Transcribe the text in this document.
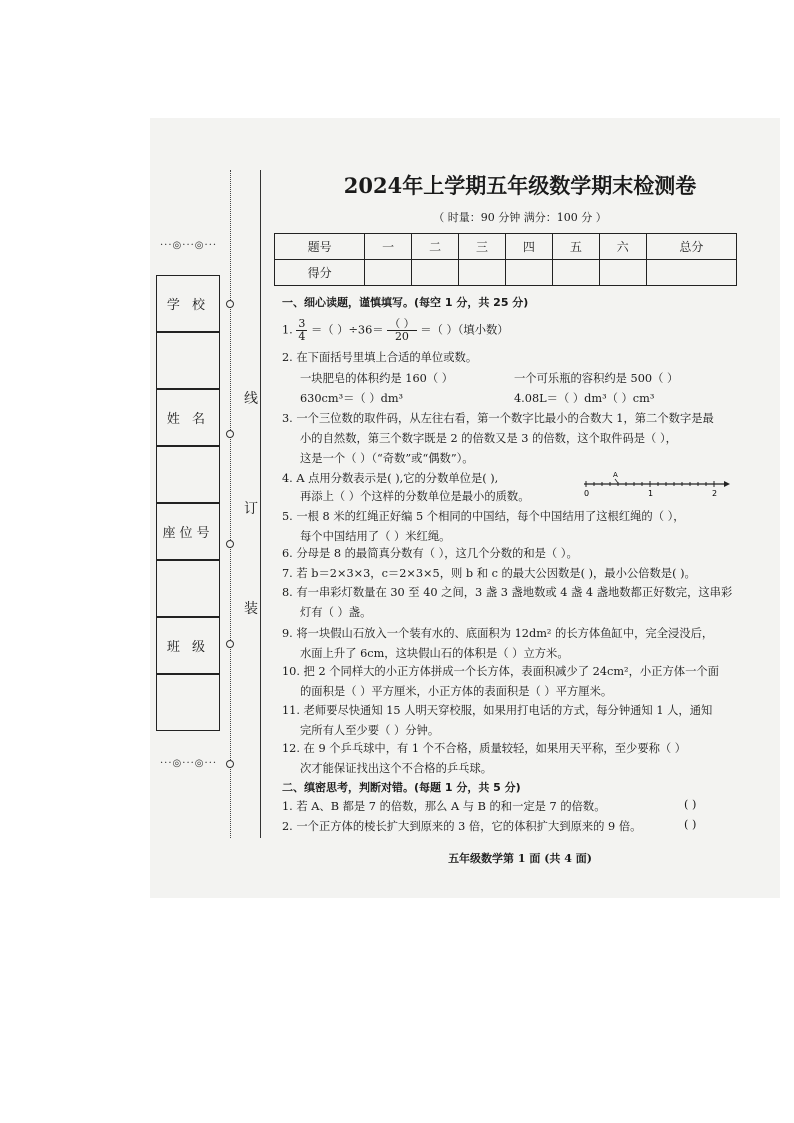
···◎···◎···
···◎···◎···
学 校
姓 名
座位号
班 级
线
订
装
2024年上学期五年级数学期末检测卷
（ 时量：90 分钟 满分：100 分 ）
题号	一	二	三	四	五	六	总分
得分							
一、细心读题，谨慎填写。(每空 1 分，共 25 分)
1. $\frac{3}{4}$ ＝（ ）$\div 36= \frac{( )}{20}$ ＝（ ）（填小数）
2. 在下面括号里填上合适的单位或数。
一块肥皂的体积约是 160（ ）	一个可乐瓶的容积约是 500（ ）
630cm³＝（ ）dm³	4.08L＝（ ）dm³（ ）cm³
3. 一个三位数的取件码，从左往右看，第一个数字比最小的合数大 1，第二个数字是最
小的自然数，第三个数字既是 2 的倍数又是 3 的倍数，这个取件码是（ ），
这是一个（ ）（“奇数”或“偶数”）。
4. A 点用分数表示是( ),它的分数单位是( ),
再添上（ ）个这样的分数单位是最小的质数。
A
0	1	2
5. 一根 8 米的红绳正好编 5 个相同的中国结，每个中国结用了这根红绳的（ ），
每个中国结用了（ ）米红绳。
6. 分母是 8 的最简真分数有（ ），这几个分数的和是（ ）。
7. 若 b＝2×3×3，c＝2×3×5，则 b 和 c 的最大公因数是( )，最小公倍数是( )。
8. 有一串彩灯数量在 30 至 40 之间，3 盏 3 盏地数或 4 盏 4 盏地数都正好数完，这串彩
灯有（ ）盏。
9. 将一块假山石放入一个装有水的、底面积为 12dm² 的长方体鱼缸中，完全浸没后，
水面上升了 6cm，这块假山石的体积是（ ）立方米。
10. 把 2 个同样大的小正方体拼成一个长方体，表面积减少了 24cm²，小正方体一个面
的面积是（ ）平方厘米，小正方体的表面积是（ ）平方厘米。
11. 老师要尽快通知 15 人明天穿校服，如果用打电话的方式，每分钟通知 1 人，通知
完所有人至少要（ ）分钟。
12. 在 9 个乒乓球中，有 1 个不合格，质量较轻，如果用天平称，至少要称（ ）
次才能保证找出这个不合格的乒乓球。
二、缜密思考，判断对错。(每题 1 分，共 5 分)
1. 若 A、B 都是 7 的倍数，那么 A 与 B 的和一定是 7 的倍数。	( )
2. 一个正方体的棱长扩大到原来的 3 倍，它的体积扩大到原来的 9 倍。	( )
五年级数学第 1 面 (共 4 面)
